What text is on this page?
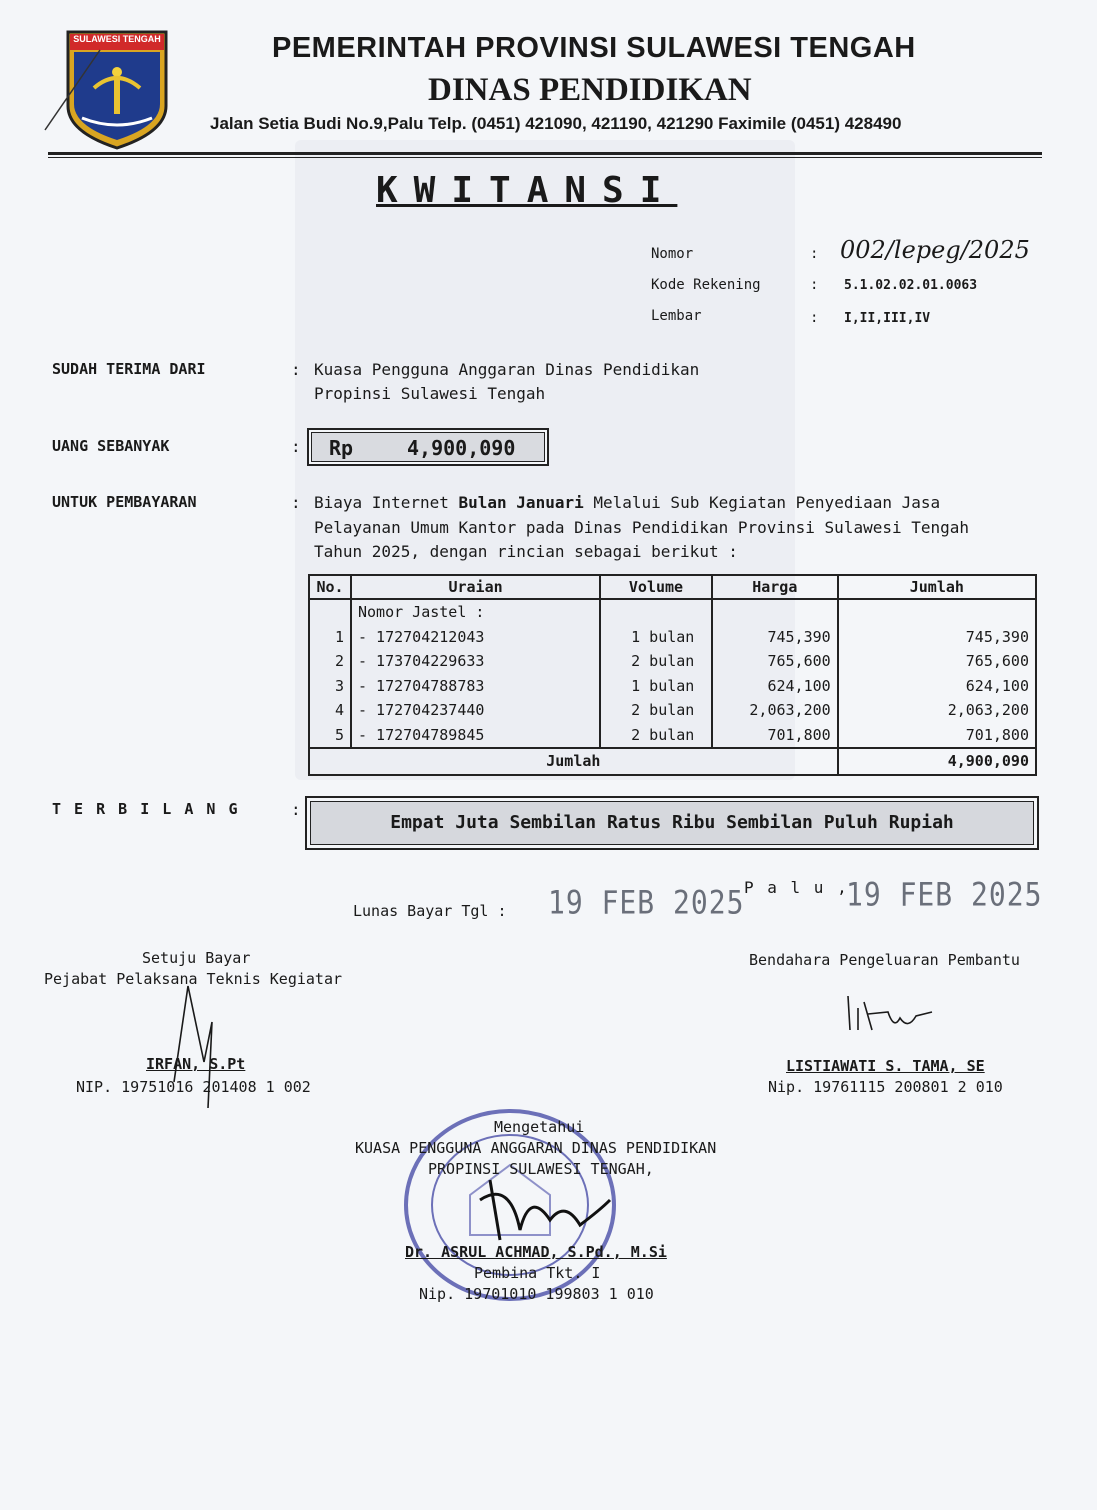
SULAWESI TENGAH	PEMERINTAH PROVINSI SULAWESI TENGAH
DINAS PENDIDIKAN
Jalan Setia Budi No.9,Palu Telp. (0451) 421090, 421190, 421290 Faximile (0451) 428490
KWITANSI
Nomor	: 002/lepeg/2025
Kode Rekening	: 5.1.02.02.01.0063
Lembar	: I,II,III,IV
SUDAH TERIMA DARI	: Kuasa Pengguna Anggaran Dinas Pendidikan
Propinsi Sulawesi Tengah
UANG SEBANYAK	: Rp	4,900,090
UNTUK PEMBAYARAN	: Biaya Internet Bulan Januari Melalui Sub Kegiatan Penyediaan Jasa
Pelayanan Umum Kantor pada Dinas Pendidikan Provinsi Sulawesi Tengah
Tahun 2025, dengan rincian sebagai berikut :
No.	Uraian	Volume	Harga	Jumlah
	Nomor Jastel :			
1	- 172704212043	1 bulan	745,390	745,390
2	- 173704229633	2 bulan	765,600	765,600
3	- 172704788783	1 bulan	624,100	624,100
4	- 172704237440	2 bulan	2,063,200	2,063,200
5	- 172704789845	2 bulan	701,800	701,800
Jumlah				4,900,090
T E R B I L A N G	:
Empat Juta Sembilan Ratus Ribu Sembilan Puluh Rupiah
Lunas Bayar Tgl : 19 FEB 2025 P a l u ,
19 FEB 2025
Setuju Bayar
Pejabat Pelaksana Teknis Kegiatar
IRFAN, S.Pt
NIP. 19751016 201408 1 002
Bendahara Pengeluaran Pembantu
LISTIAWATI S. TAMA, SE
Nip. 19761115 200801 2 010
Mengetahui
KUASA PENGGUNA ANGGARAN DINAS PENDIDIKAN
PROPINSI SULAWESI TENGAH,
Dr. ASRUL ACHMAD, S.Pd., M.Si
Pembina Tkt. I
Nip. 19701010 199803 1 010
